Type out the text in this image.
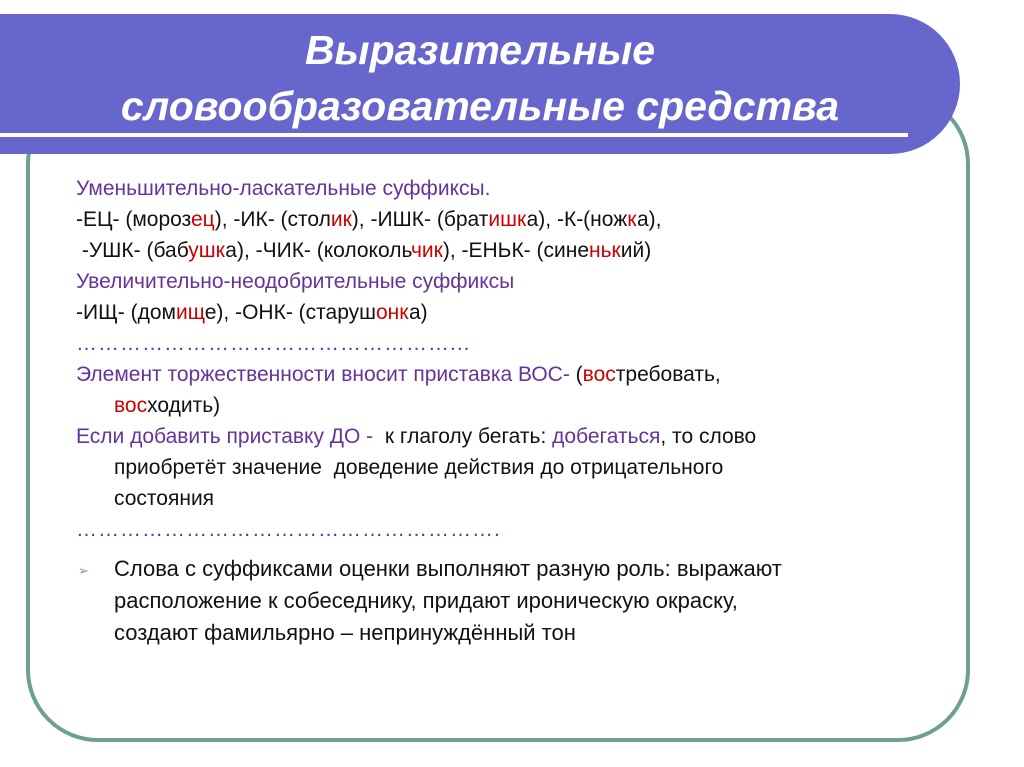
Выразительные
словообразовательные средства
Уменьшительно-ласкательные суффиксы.
-ЕЦ- (морозец), -ИК- (столик), -ИШК- (братишка), -К-(ножка),
-УШК- (бабушка), -ЧИК- (колокольчик), -ЕНЬК- (синенький)
Увеличительно-неодобрительные суффиксы
-ИЩ- (домище), -ОНК- (старушонка)
……………………………………………...
Элемент торжественности вносит приставка ВОС- (востребовать,
восходить)
Если добавить приставку ДО -  к глаголу бегать: добегаться, то слово
приобретёт значение  доведение действия до отрицательного
состояния
………………………………………………….
➢ Слова с суффиксами оценки выполняют разную роль: выражают
расположение к собеседнику, придают ироническую окраску,
создают фамильярно – непринуждённый тон
